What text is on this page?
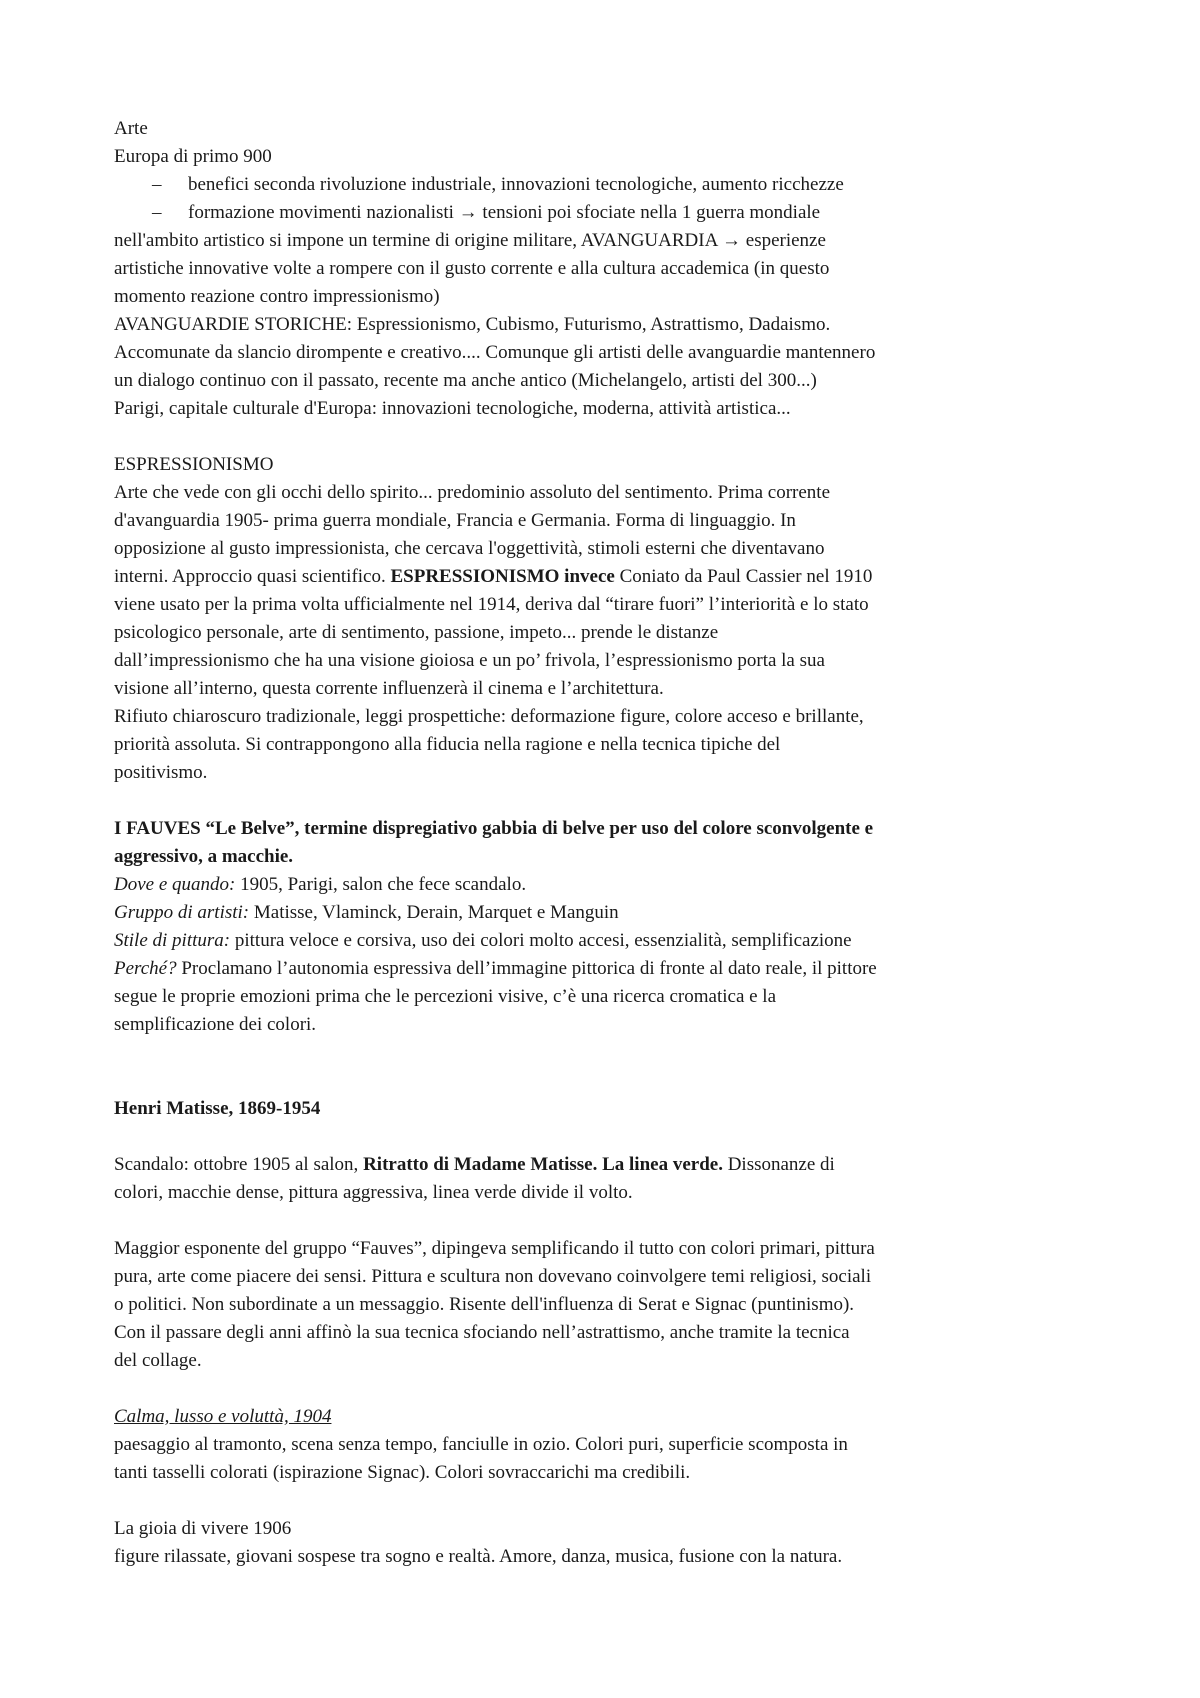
Arte
Europa di primo 900
– benefici seconda rivoluzione industriale, innovazioni tecnologiche, aumento ricchezze
– formazione movimenti nazionalisti → tensioni poi sfociate nella 1 guerra mondiale
nell'ambito artistico si impone un termine di origine militare, AVANGUARDIA → esperienze
artistiche innovative volte a rompere con il gusto corrente e alla cultura accademica (in questo
momento reazione contro impressionismo)
AVANGUARDIE STORICHE: Espressionismo, Cubismo, Futurismo, Astrattismo, Dadaismo.
Accomunate da slancio dirompente e creativo.... Comunque gli artisti delle avanguardie mantennero
un dialogo continuo con il passato, recente ma anche antico (Michelangelo, artisti del 300...)
Parigi, capitale culturale d'Europa: innovazioni tecnologiche, moderna, attività artistica...
ESPRESSIONISMO
Arte che vede con gli occhi dello spirito... predominio assoluto del sentimento. Prima corrente
d'avanguardia 1905- prima guerra mondiale, Francia e Germania. Forma di linguaggio. In
opposizione al gusto impressionista, che cercava l'oggettività, stimoli esterni che diventavano
interni. Approccio quasi scientifico. ESPRESSIONISMO invece Coniato da Paul Cassier nel 1910
viene usato per la prima volta ufficialmente nel 1914, deriva dal “tirare fuori” l’interiorità e lo stato
psicologico personale, arte di sentimento, passione, impeto... prende le distanze
dall’impressionismo che ha una visione gioiosa e un po’ frivola, l’espressionismo porta la sua
visione all’interno, questa corrente influenzerà il cinema e l’architettura.
Rifiuto chiaroscuro tradizionale, leggi prospettiche: deformazione figure, colore acceso e brillante,
priorità assoluta. Si contrappongono alla fiducia nella ragione e nella tecnica tipiche del
positivismo.
I FAUVES “Le Belve”, termine dispregiativo gabbia di belve per uso del colore sconvolgente e
aggressivo, a macchie.
Dove e quando: 1905, Parigi, salon che fece scandalo.
Gruppo di artisti: Matisse, Vlaminck, Derain, Marquet e Manguin
Stile di pittura: pittura veloce e corsiva, uso dei colori molto accesi, essenzialità, semplificazione
Perché? Proclamano l’autonomia espressiva dell’immagine pittorica di fronte al dato reale, il pittore
segue le proprie emozioni prima che le percezioni visive, c’è una ricerca cromatica e la
semplificazione dei colori.
Henri Matisse, 1869-1954
Scandalo: ottobre 1905 al salon, Ritratto di Madame Matisse. La linea verde. Dissonanze di
colori, macchie dense, pittura aggressiva, linea verde divide il volto.
Maggior esponente del gruppo “Fauves”, dipingeva semplificando il tutto con colori primari, pittura
pura, arte come piacere dei sensi. Pittura e scultura non dovevano coinvolgere temi religiosi, sociali
o politici. Non subordinate a un messaggio. Risente dell'influenza di Serat e Signac (puntinismo).
Con il passare degli anni affinò la sua tecnica sfociando nell’astrattismo, anche tramite la tecnica
del collage.
Calma, lusso e voluttà, 1904
paesaggio al tramonto, scena senza tempo, fanciulle in ozio. Colori puri, superficie scomposta in
tanti tasselli colorati (ispirazione Signac). Colori sovraccarichi ma credibili.
La gioia di vivere 1906
figure rilassate, giovani sospese tra sogno e realtà. Amore, danza, musica, fusione con la natura.
